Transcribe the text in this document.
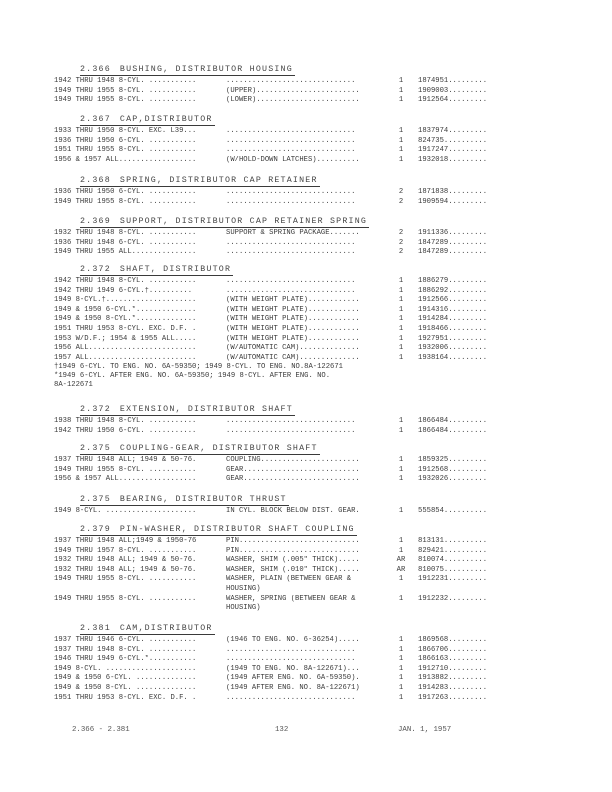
2.366 BUSHING, DISTRIBUTOR HOUSING
1942 THRU 1948 8-CYL. ...........	..............................	1	1874951.........
1949 THRU 1955 8-CYL. ...........	(UPPER)........................	1	1909003.........
1949 THRU 1955 8-CYL. ...........	(LOWER)........................	1	1912564.........
2.367 CAP,DISTRIBUTOR
1933 THRU 1950 8-CYL. EXC. L39...	..............................	1	1837974.........
1936 THRU 1950 6-CYL. ...........	..............................	1	824735..........
1951 THRU 1955 8-CYL. ...........	..............................	1	1917247.........
1956 & 1957 ALL..................	(W/HOLD-DOWN LATCHES)..........	1	1932018.........
2.368 SPRING, DISTRIBUTOR CAP RETAINER
1936 THRU 1950 6-CYL. ...........	..............................	2	1871838.........
1949 THRU 1955 8-CYL. ...........	..............................	2	1909594.........
2.369 SUPPORT, DISTRIBUTOR CAP RETAINER SPRING
1932 THRU 1948 8-CYL. ...........	SUPPORT & SPRING PACKAGE.......	2	1911336.........
1936 THRU 1948 6-CYL. ...........	..............................	2	1847289.........
1949 THRU 1955 ALL...............	..............................	2	1847289.........
2.372 SHAFT, DISTRIBUTOR
1942 THRU 1948 8-CYL. ...........	..............................	1	1886279.........
1942 THRU 1949 6-CYL.†..........	..............................	1	1886292.........
1949 8-CYL.†.....................	(WITH WEIGHT PLATE)............	1	1912566.........
1949 & 1950 6-CYL.*..............	(WITH WEIGHT PLATE)............	1	1914316.........
1949 & 1950 8-CYL.*..............	(WITH WEIGHT PLATE)............	1	1914284.........
1951 THRU 1953 8-CYL. EXC. D.F. .	(WITH WEIGHT PLATE)............	1	1918466.........
1953 W/D.F.; 1954 & 1955 ALL.....	(WITH WEIGHT PLATE)............	1	1927951.........
1956 ALL.........................	(W/AUTOMATIC CAM)..............	1	1932006.........
1957 ALL.........................	(W/AUTOMATIC CAM)..............	1	1938164.........
†1949 6-CYL. TO ENG. NO. 6A-59350; 1949 8-CYL. TO ENG. NO.8A-122671
*1949 6-CYL. AFTER ENG. NO. 6A-59350; 1949 8-CYL. AFTER ENG. NO.
8A-122671
2.372 EXTENSION, DISTRIBUTOR SHAFT
1938 THRU 1948 8-CYL. ...........	..............................	1	1866484.........
1942 THRU 1950 6-CYL. ...........	..............................	1	1866484.........
2.375 COUPLING-GEAR, DISTRIBUTOR SHAFT
1937 THRU 1948 ALL; 1949 & 50-76.	COUPLING.......................	1	1859325.........
1949 THRU 1955 8-CYL. ...........	GEAR...........................	1	1912568.........
1956 & 1957 ALL..................	GEAR...........................	1	1932026.........
2.375 BEARING, DISTRIBUTOR THRUST
1949 8-CYL. .....................	IN CYL. BLOCK BELOW DIST. GEAR.	1	555854..........
2.379 PIN-WASHER, DISTRIBUTOR SHAFT COUPLING
1937 THRU 1948 ALL;1949 & 1950-76	PIN............................	1	813131..........
1949 THRU 1957 8-CYL. ...........	PIN............................	1	829421..........
1932 THRU 1948 ALL; 1949 & 50-76.	WASHER, SHIM (.005" THICK).....	AR	810074..........
1932 THRU 1948 ALL; 1949 & 50-76.	WASHER, SHIM (.010" THICK).....	AR	810075..........
1949 THRU 1955 8-CYL. ...........	WASHER, PLAIN (BETWEEN GEAR & HOUSING)
1	1912231.........
1949 THRU 1955 8-CYL. ...........	WASHER, SPRING (BETWEEN GEAR & HOUSING)
1	1912232.........
2.381 CAM,DISTRIBUTOR
1937 THRU 1946 6-CYL. ...........	(1946 TO ENG. NO. 6-36254).....	1	1869568.........
1937 THRU 1948 8-CYL. ...........	..............................	1	1866706.........
1946 THRU 1949 6-CYL.*...........	..............................	1	1866163.........
1949 8-CYL. .....................	(1949 TO ENG. NO. 8A-122671)...	1	1912710.........
1949 & 1950 6-CYL. ..............	(1949 AFTER ENG. NO. 6A-59350).	1	1913882.........
1949 & 1950 8-CYL. ..............	(1949 AFTER ENG. NO. 8A-122671)	1	1914283.........
1951 THRU 1953 8-CYL. EXC. D.F. .	..............................	1	1917263.........
2.366 - 2.381	132	JAN. 1, 1957
